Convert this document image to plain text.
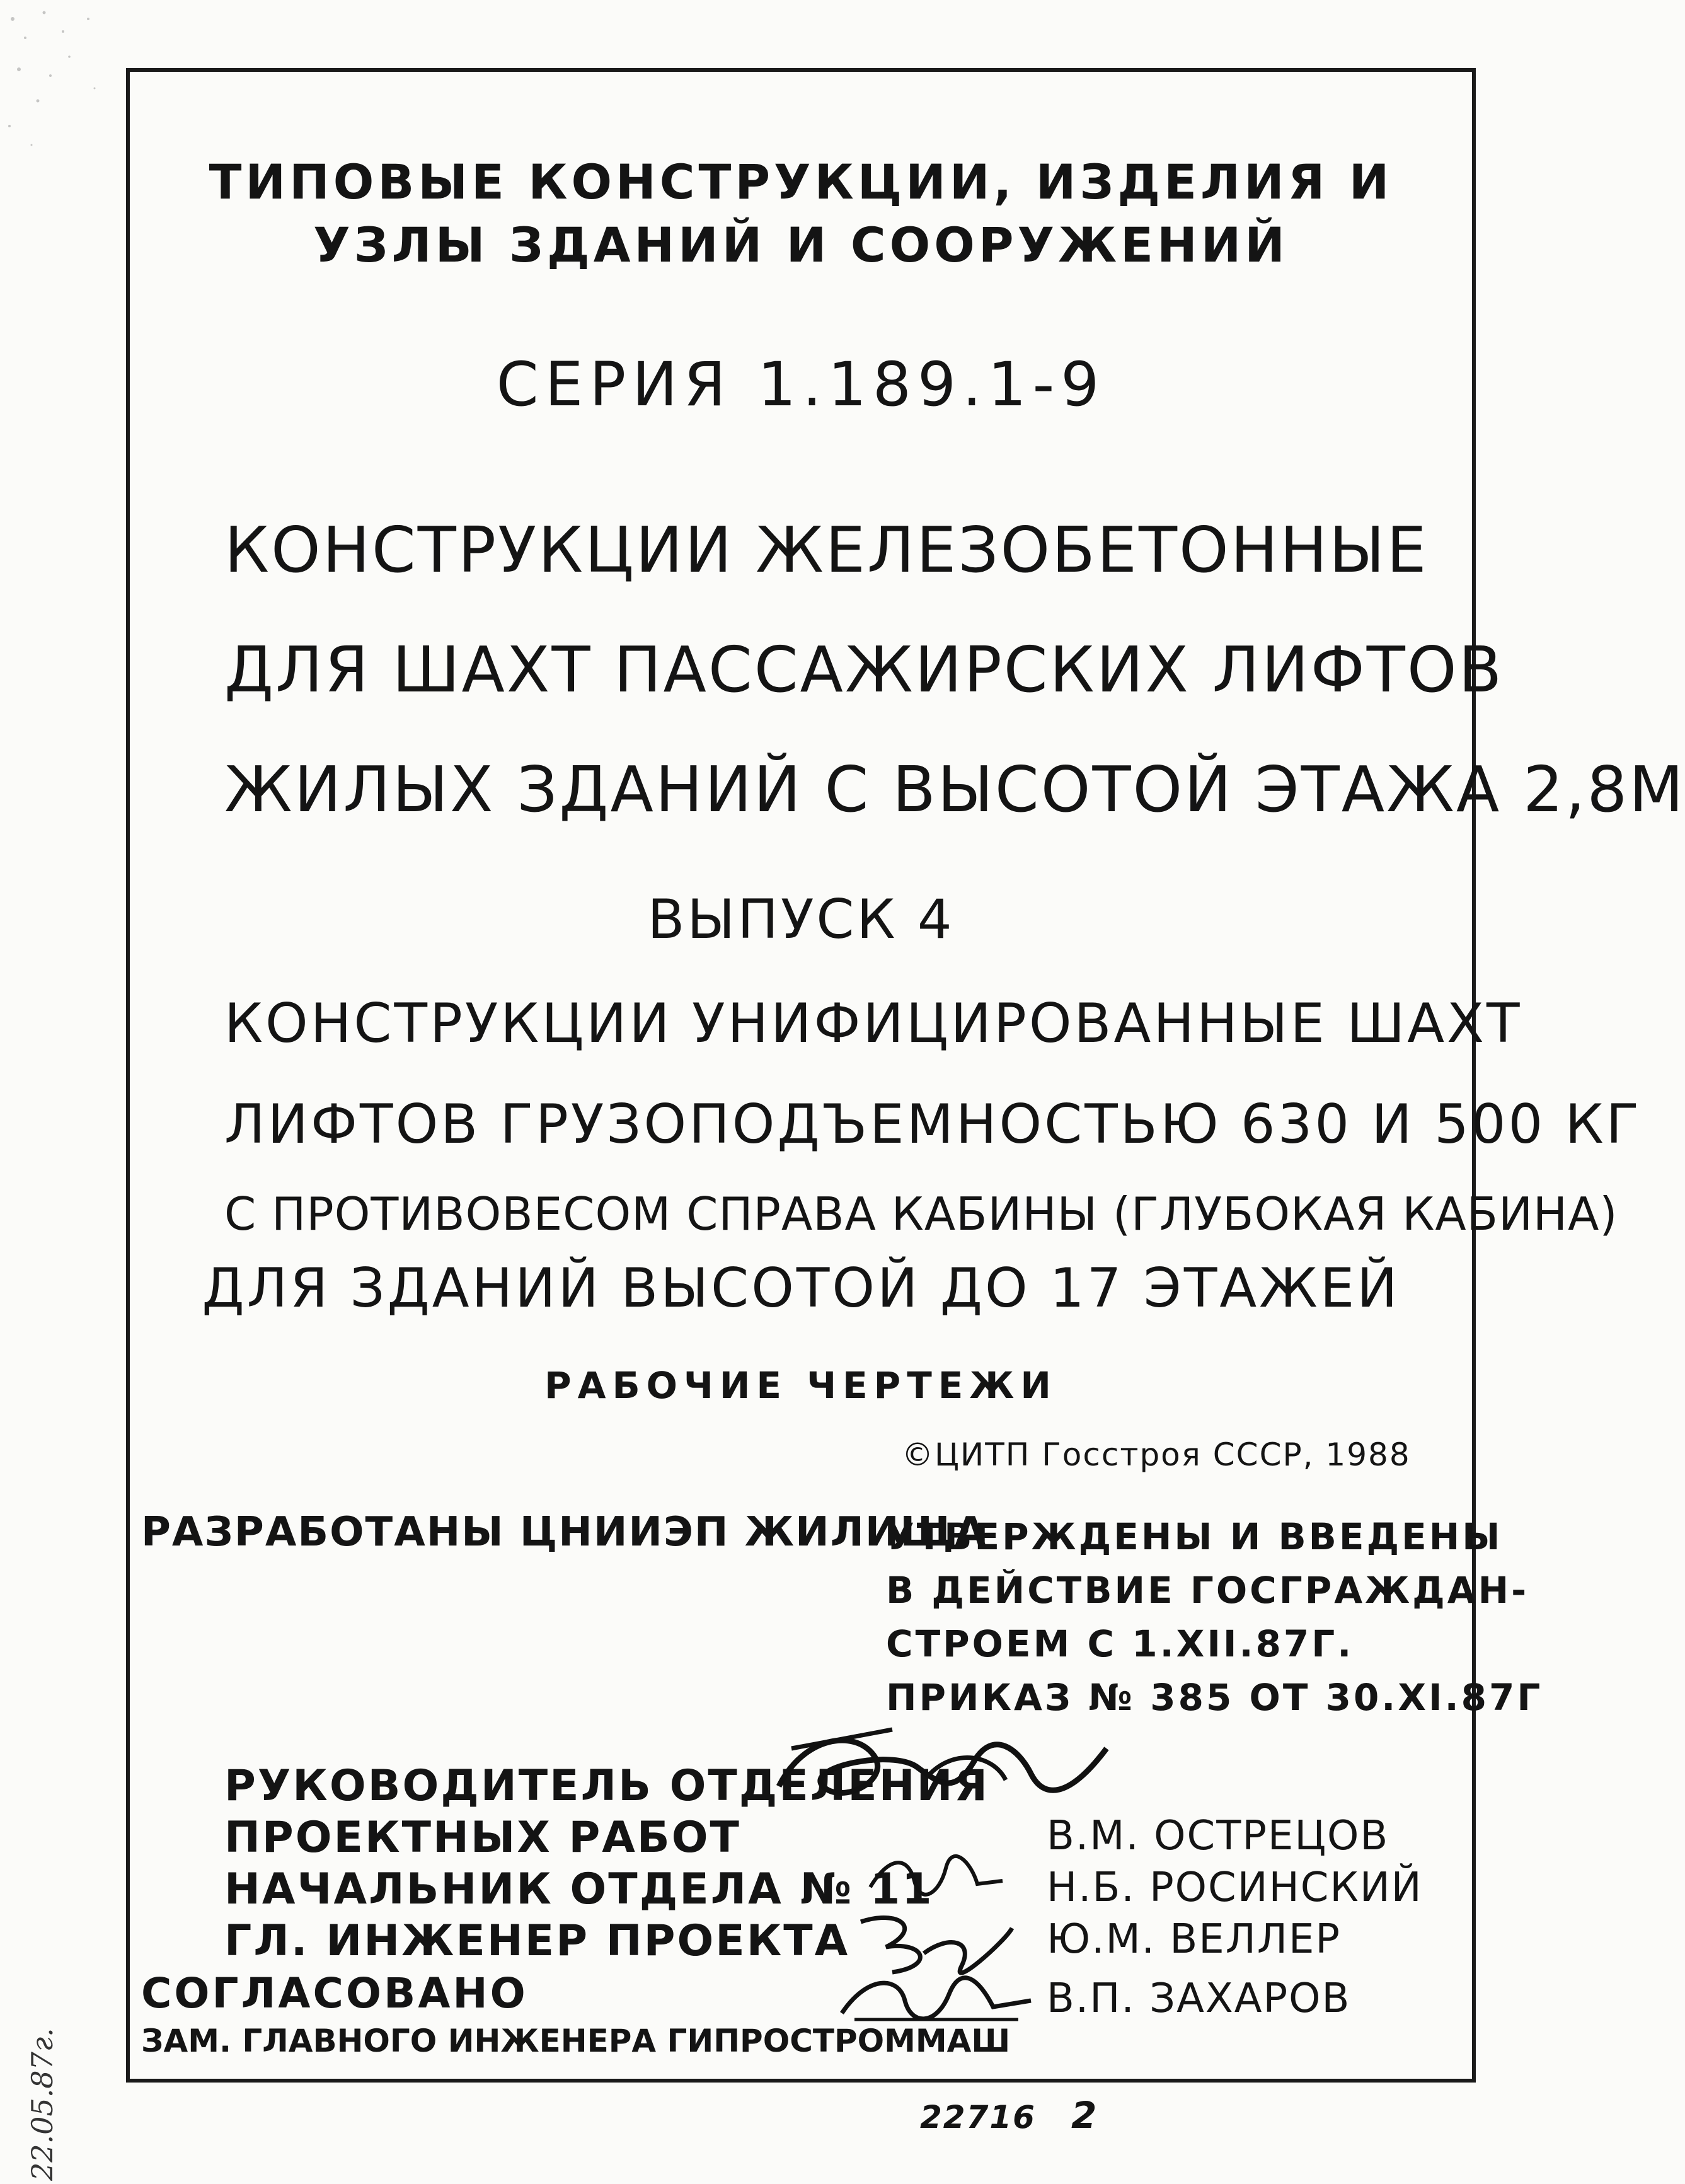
ТИПОВЫЕ КОНСТРУКЦИИ, ИЗДЕЛИЯ И
УЗЛЫ ЗДАНИЙ И СООРУЖЕНИЙ
СЕРИЯ 1.189.1-9
КОНСТРУКЦИИ ЖЕЛЕЗОБЕТОННЫЕ
ДЛЯ ШАХТ ПАССАЖИРСКИХ ЛИФТОВ
ЖИЛЫХ ЗДАНИЙ С ВЫСОТОЙ ЭТАЖА 2,8М
ВЫПУСК 4
КОНСТРУКЦИИ УНИФИЦИРОВАННЫЕ ШАХТ
ЛИФТОВ ГРУЗОПОДЪЕМНОСТЬЮ 630 И 500 КГ
С ПРОТИВОВЕСОМ СПРАВА КАБИНЫ (ГЛУБОКАЯ КАБИНА)
ДЛЯ ЗДАНИЙ ВЫСОТОЙ ДО 17 ЭТАЖЕЙ
РАБОЧИЕ ЧЕРТЕЖИ
©ЦИТП Госстроя СССР, 1988
РАЗРАБОТАНЫ ЦНИИЭП ЖИЛИЩА
УТВЕРЖДЕНЫ И ВВЕДЕНЫ
В ДЕЙСТВИЕ ГОСГРАЖДАН-
СТРОЕМ С 1.XII.87Г.
ПРИКАЗ № 385 ОТ 30.XI.87Г
РУКОВОДИТЕЛЬ ОТДЕЛЕНИЯ
ПРОЕКТНЫХ РАБОТ
НАЧАЛЬНИК ОТДЕЛА № 11
ГЛ. ИНЖЕНЕР ПРОЕКТА
СОГЛАСОВАНО
ЗАМ. ГЛАВНОГО ИНЖЕНЕРА ГИПРОСТРОММАШ
В.М. ОСТРЕЦОВ
Н.Б. РОСИНСКИЙ
Ю.М. ВЕЛЛЕР
В.П. ЗАХАРОВ
22.05.87г.	22716 2
